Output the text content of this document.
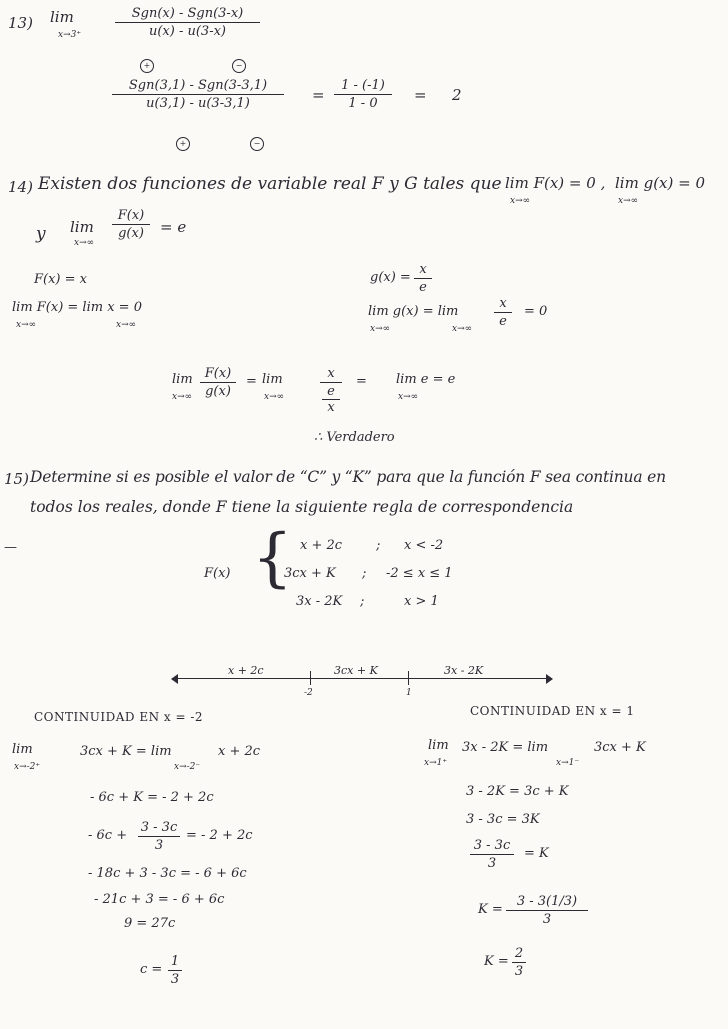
13) lim
x→3⁺
Sgn(x) - Sgn(3-x)
u(x) - u(3-x)
+	−
Sgn(3,1) - Sgn(3-3,1)
u(3,1) - u(3-3,1)
+	−
=
1 - (-1)
1 - 0	= 2
14) Existen dos funciones de variable real F y G tales que lim F(x) = 0 ,
x→∞
lim g(x) = 0
x→∞
y lim
x→∞
F(x)
g(x)	= e
F(x) = x
lim F(x) = lim x = 0
x→∞	x→∞
g(x) =
x
e
lim g(x) = lim
x→∞	x→∞
x
e
= 0
lim
x→∞
F(x)
g(x)
= lim
x→∞
x
e
x
= lim e = e
x→∞
∴ Verdadero
15) Determine si es posible el valor de “C” y “K” para que la función F sea continua en
todos los reales, donde F tiene la siguiente regla de correspondencia
—
F(x) { x + 2c	; x < -2
3cx + K ; -2 ≤ x ≤ 1
3x - 2K ;	x > 1
x + 2c	3cx + K	3x - 2K
-2	1
CONTINUIDAD EN x = -2
lim
x→-2⁺
3cx + K = lim
x→-2⁻
x + 2c
- 6c + K = - 2 + 2c
- 6c +
3 - 3c
3
= - 2 + 2c
- 18c + 3 - 3c = - 6 + 6c
- 21c + 3 = - 6 + 6c
9 = 27c
c =
1
3
CONTINUIDAD EN x = 1
lim
x→1⁺
3x - 2K = lim
x→1⁻
3cx + K
3 - 2K = 3c + K
3 - 3c = 3K
3 - 3c
3
= K
K =
3 - 3(1/3)
3
K =
2
3
